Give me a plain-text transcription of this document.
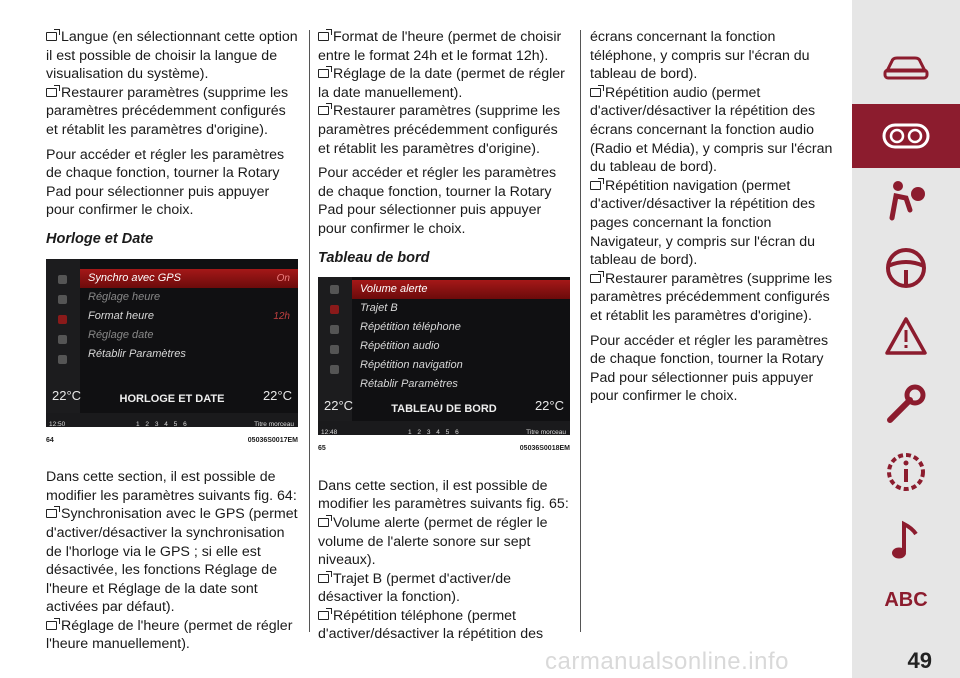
Langue (en sélectionnant cette option il est possible de choisir la langue de visualisation du système).
Restaurer paramètres (supprime les paramètres précédemment configurés et rétablit les paramètres d'origine).

Pour accéder et régler les paramètres de chaque fonction, tourner la Rotary Pad pour sélectionner puis appuyer pour confirmer le choix.

Horloge et Date
Synchro avec GPS	On
Réglage heure
Format heure	12h
Réglage date
Rétablir Paramètres
22°C	22°C
HORLOGE ET DATE
12:50	1 2 3 4 5 6	Titre morceau
64	05036S0017EM

Dans cette section, il est possible de modifier les paramètres suivants fig. 64:

Synchronisation avec le GPS (permet d'activer/désactiver la synchronisation de l'horloge via le GPS ; si elle est désactivée, les fonctions Réglage de l'heure et Réglage de la date sont activées par défaut).
Réglage de l'heure (permet de régler l'heure manuellement).
Format de l'heure (permet de choisir entre le format 24h et le format 12h).
Réglage de la date (permet de régler la date manuellement).
Restaurer paramètres (supprime les paramètres précédemment configurés et rétablit les paramètres d'origine).

Pour accéder et régler les paramètres de chaque fonction, tourner la Rotary Pad pour sélectionner puis appuyer pour confirmer le choix.

Tableau de bord
Volume alerte
Trajet B
Répétition téléphone
Répétition audio
Répétition navigation
Rétablir Paramètres
22°C	22°C
TABLEAU DE BORD
12:48	1 2 3 4 5 6	Titre morceau
65	05036S0018EM

Dans cette section, il est possible de modifier les paramètres suivants fig. 65:

Volume alerte (permet de régler le volume de l'alerte sonore sur sept niveaux).
Trajet B (permet d'activer/de désactiver la fonction).
Répétition téléphone (permet d'activer/désactiver la répétition des
écrans concernant la fonction téléphone, y compris sur l'écran du tableau de bord).
Répétition audio (permet d'activer/désactiver la répétition des écrans concernant la fonction audio (Radio et Média), y compris sur l'écran du tableau de bord).
Répétition navigation (permet d'activer/désactiver la répétition des pages concernant la fonction Navigateur, y compris sur l'écran du tableau de bord).
Restaurer paramètres (supprime les paramètres précédemment configurés et rétablit les paramètres d'origine).

Pour accéder et régler les paramètres de chaque fonction, tourner la Rotary Pad pour sélectionner puis appuyer pour confirmer le choix.

ABC
carmanualsonline.info	49
